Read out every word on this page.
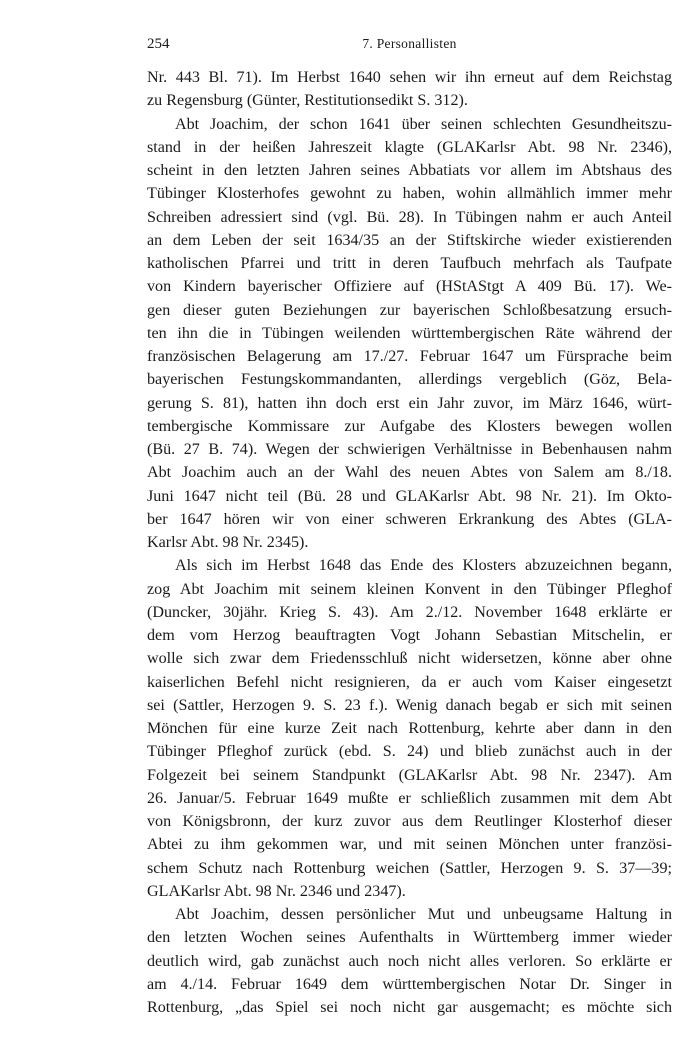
254	7. Personallisten
Nr. 443 Bl. 71). Im Herbst 1640 sehen wir ihn erneut auf dem Reichstag
zu Regensburg (Günter, Restitutionsedikt S. 312).
Abt Joachim, der schon 1641 über seinen schlechten Gesundheitszu-
stand in der heißen Jahreszeit klagte (GLAKarlsr Abt. 98 Nr. 2346),
scheint in den letzten Jahren seines Abbatiats vor allem im Abtshaus des
Tübinger Klosterhofes gewohnt zu haben, wohin allmählich immer mehr
Schreiben adressiert sind (vgl. Bü. 28). In Tübingen nahm er auch Anteil
an dem Leben der seit 1634/35 an der Stiftskirche wieder existierenden
katholischen Pfarrei und tritt in deren Taufbuch mehrfach als Taufpate
von Kindern bayerischer Offiziere auf (HStAStgt A 409 Bü. 17). We-
gen dieser guten Beziehungen zur bayerischen Schloßbesatzung ersuch-
ten ihn die in Tübingen weilenden württembergischen Räte während der
französischen Belagerung am 17./27. Februar 1647 um Fürsprache beim
bayerischen Festungskommandanten, allerdings vergeblich (Göz, Bela-
gerung S. 81), hatten ihn doch erst ein Jahr zuvor, im März 1646, würt-
tembergische Kommissare zur Aufgabe des Klosters bewegen wollen
(Bü. 27 B. 74). Wegen der schwierigen Verhältnisse in Bebenhausen nahm
Abt Joachim auch an der Wahl des neuen Abtes von Salem am 8./18.
Juni 1647 nicht teil (Bü. 28 und GLAKarlsr Abt. 98 Nr. 21). Im Okto-
ber 1647 hören wir von einer schweren Erkrankung des Abtes (GLA-
Karlsr Abt. 98 Nr. 2345).
Als sich im Herbst 1648 das Ende des Klosters abzuzeichnen begann,
zog Abt Joachim mit seinem kleinen Konvent in den Tübinger Pfleghof
(Duncker, 30jähr. Krieg S. 43). Am 2./12. November 1648 erklärte er
dem vom Herzog beauftragten Vogt Johann Sebastian Mitschelin, er
wolle sich zwar dem Friedensschluß nicht widersetzen, könne aber ohne
kaiserlichen Befehl nicht resignieren, da er auch vom Kaiser eingesetzt
sei (Sattler, Herzogen 9. S. 23 f.). Wenig danach begab er sich mit seinen
Mönchen für eine kurze Zeit nach Rottenburg, kehrte aber dann in den
Tübinger Pfleghof zurück (ebd. S. 24) und blieb zunächst auch in der
Folgezeit bei seinem Standpunkt (GLAKarlsr Abt. 98 Nr. 2347). Am
26. Januar/5. Februar 1649 mußte er schließlich zusammen mit dem Abt
von Königsbronn, der kurz zuvor aus dem Reutlinger Klosterhof dieser
Abtei zu ihm gekommen war, und mit seinen Mönchen unter französi-
schem Schutz nach Rottenburg weichen (Sattler, Herzogen 9. S. 37—39;
GLAKarlsr Abt. 98 Nr. 2346 und 2347).
Abt Joachim, dessen persönlicher Mut und unbeugsame Haltung in
den letzten Wochen seines Aufenthalts in Württemberg immer wieder
deutlich wird, gab zunächst auch noch nicht alles verloren. So erklärte er
am 4./14. Februar 1649 dem württembergischen Notar Dr. Singer in
Rottenburg, „das Spiel sei noch nicht gar ausgemacht; es möchte sich
